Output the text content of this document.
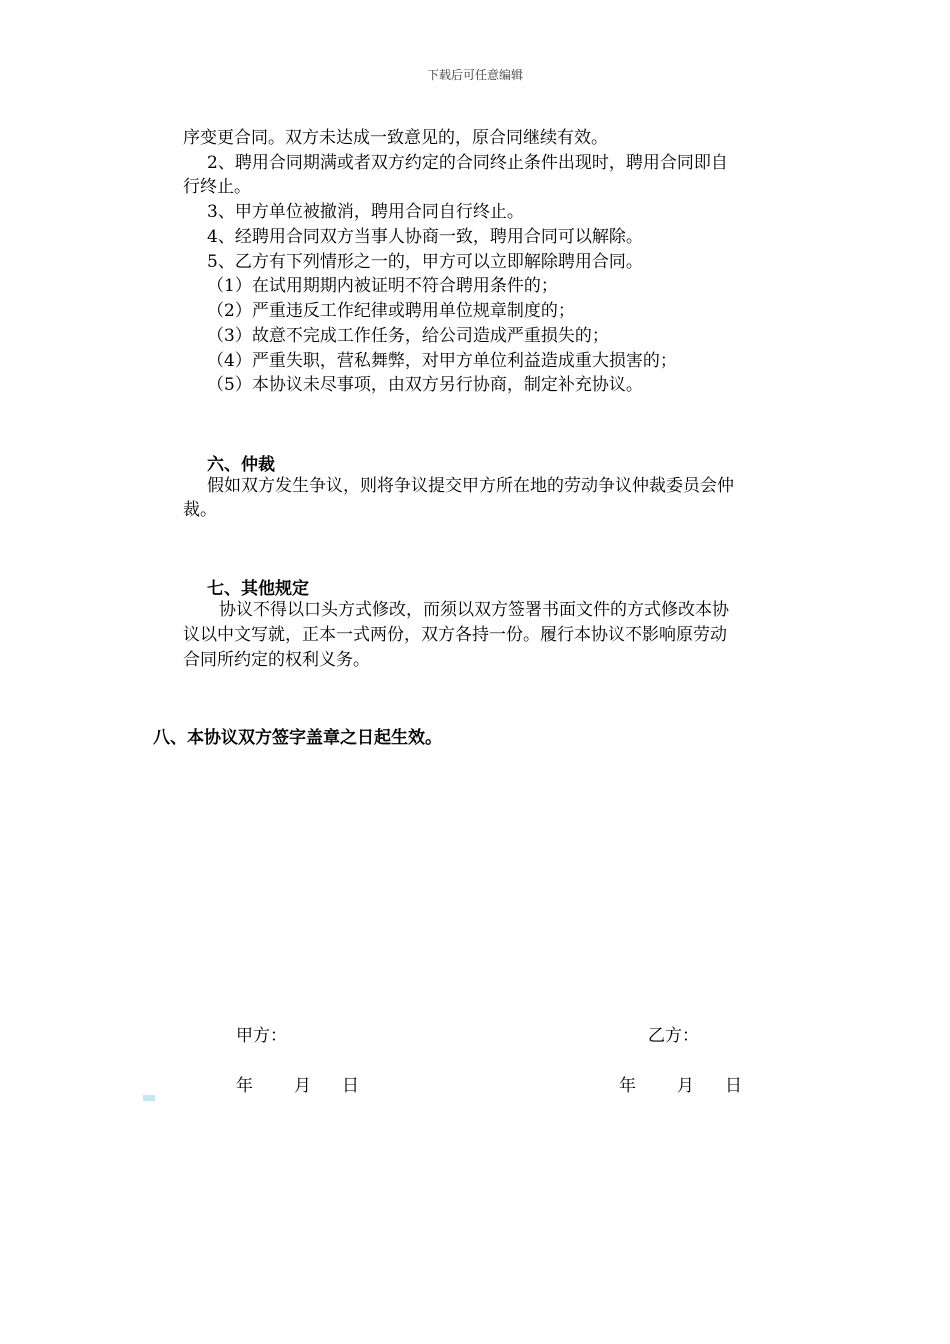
下载后可任意编辑
序变更合同。双方未达成一致意见的，原合同继续有效。
2、聘用合同期满或者双方约定的合同终止条件出现时，聘用合同即自
行终止。
3、甲方单位被撤消，聘用合同自行终止。
4、经聘用合同双方当事人协商一致，聘用合同可以解除。
5、乙方有下列情形之一的，甲方可以立即解除聘用合同。
（1）在试用期期内被证明不符合聘用条件的；
（2）严重违反工作纪律或聘用单位规章制度的；
（3）故意不完成工作任务，给公司造成严重损失的；
（4）严重失职，营私舞弊，对甲方单位利益造成重大损害的；
（5）本协议未尽事项，由双方另行协商，制定补充协议。
六、仲裁
假如双方发生争议，则将争议提交甲方所在地的劳动争议仲裁委员会仲
裁。
七、其他规定
协议不得以口头方式修改，而须以双方签署书面文件的方式修改本协
议以中文写就，正本一式两份，双方各持一份。履行本协议不影响原劳动
合同所约定的权利义务。
八、本协议双方签字盖章之日起生效。
甲方：	乙方：
年 月 日	年 月 日
